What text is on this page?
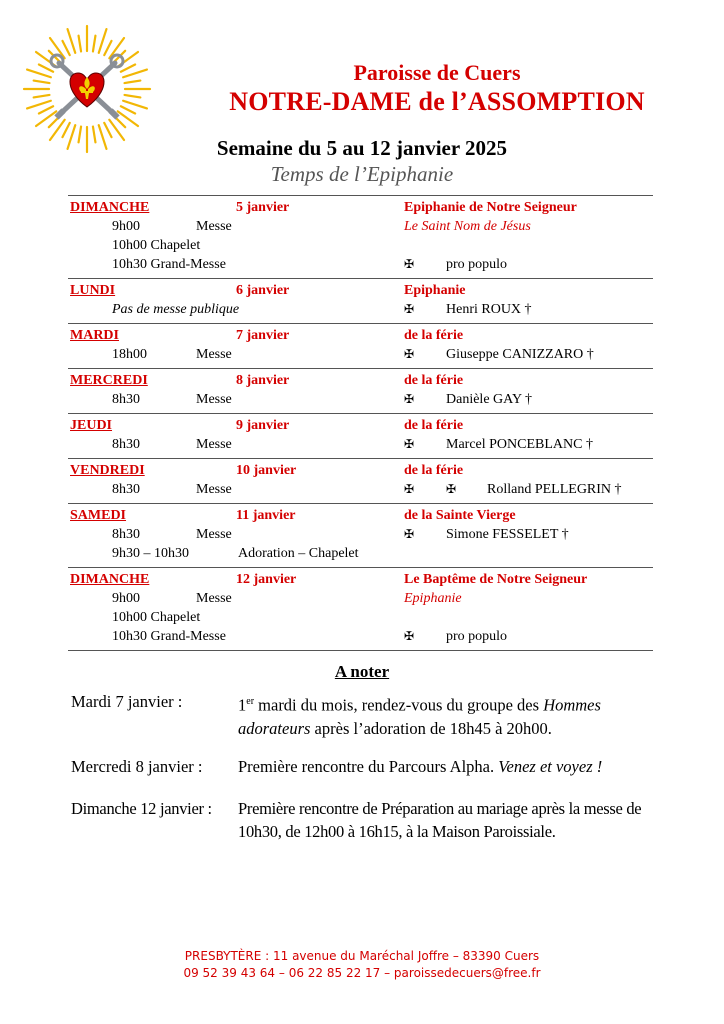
Paroisse de Cuers
NOTRE-DAME de l’ASSOMPTION
Semaine du 5 au 12 janvier 2025
Temps de l’Epiphanie
DIMANCHE	5 janvier	Epiphanie de Notre Seigneur
9h00	Messe	Le Saint Nom de Jésus
10h00 Chapelet
10h30 Grand-Messe	✠ pro populo
LUNDI	6 janvier	Epiphanie
Pas de messe publique	✠ Henri ROUX †
MARDI	7 janvier	de la férie
18h00	Messe	✠ Giuseppe CANIZZARO †
MERCREDI	8 janvier	de la férie
8h30	Messe	✠ Danièle GAY †
JEUDI	9 janvier	de la férie
8h30	Messe	✠ Marcel PONCEBLANC †
VENDREDI	10 janvier	de la férie
8h30	Messe	✠	✠ Rolland PELLEGRIN †
SAMEDI	11 janvier	de la Sainte Vierge
8h30	Messe	✠ Simone FESSELET †
9h30 – 10h30	Adoration – Chapelet
DIMANCHE	12 janvier	Le Baptême de Notre Seigneur
9h00	Messe	Epiphanie
10h00 Chapelet
10h30 Grand-Messe	✠ pro populo
A noter
Mardi 7 janvier :	1er mardi du mois, rendez-vous du groupe des Hommes adorateurs après l’adoration de 18h45 à 20h00.
Mercredi 8 janvier : Première rencontre du Parcours Alpha. Venez et voyez !
Dimanche 12 janvier : Première rencontre de Préparation au mariage après la messe de 10h30, de 12h00 à 16h15, à la Maison Paroissiale.
PRESBYTÈRE : 11 avenue du Maréchal Joffre – 83390 Cuers
09 52 39 43 64 – 06 22 85 22 17 – paroissedecuers@free.fr
